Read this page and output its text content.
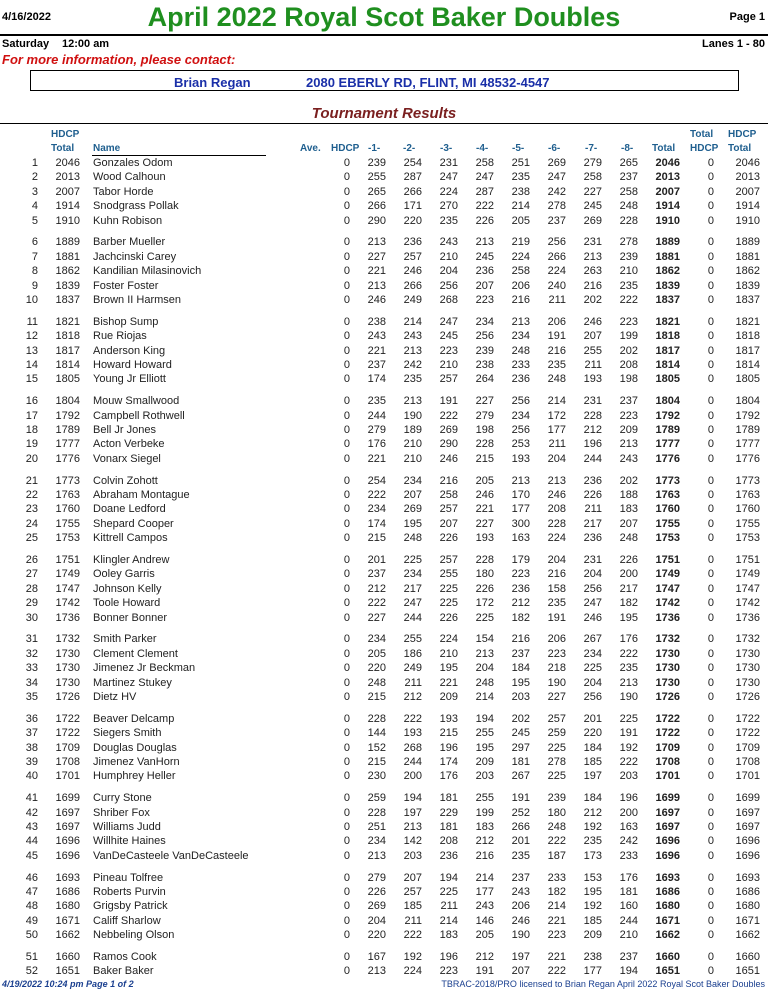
4/16/2022	April 2022 Royal Scot Baker Doubles	Page 1
Saturday 12:00 am	Lanes 1 - 80
For more information, please contact:
Brian Regan	2080 EBERLY RD, FLINT, MI 48532-4547
Tournament Results
HDCP
Total Name	Ave. HDCP -1- -2- -3- -4- -5- -6- -7- -8- Total
Total
HDCP
HDCP
Total
1	2046 Gonzales Odom	0	239	254	231	258	251	269	279	265 2046	0	2046
2	2013 Wood Calhoun	0	255	287	247	247	235	247	258	237 2013	0	2013
3	2007 Tabor Horde	0	265	266	224	287	238	242	227	258 2007	0	2007
4	1914 Snodgrass Pollak	0	266	171	270	222	214	278	245	248 1914	0	1914
5	1910 Kuhn Robison	0	290	220	235	226	205	237	269	228 1910	0	1910
6	1889 Barber Mueller	0	213	236	243	213	219	256	231	278 1889	0	1889
7	1881 Jachcinski Carey	0	227	257	210	245	224	266	213	239 1881	0	1881
8	1862 Kandilian Milasinovich	0	221	246	204	236	258	224	263	210 1862	0	1862
9	1839 Foster Foster	0	213	266	256	207	206	240	216	235 1839	0	1839
10	1837 Brown II Harmsen	0	246	249	268	223	216	211	202	222 1837	0	1837
11	1821 Bishop Sump	0	238	214	247	234	213	206	246	223 1821	0	1821
12	1818 Rue Riojas	0	243	243	245	256	234	191	207	199 1818	0	1818
13	1817 Anderson King	0	221	213	223	239	248	216	255	202 1817	0	1817
14	1814 Howard Howard	0	237	242	210	238	233	235	211	208 1814	0	1814
15	1805 Young Jr Elliott	0	174	235	257	264	236	248	193	198 1805	0	1805
16	1804 Mouw Smallwood	0	235	213	191	227	256	214	231	237 1804	0	1804
17	1792 Campbell Rothwell	0	244	190	222	279	234	172	228	223 1792	0	1792
18	1789 Bell Jr Jones	0	279	189	269	198	256	177	212	209 1789	0	1789
19	1777 Acton Verbeke	0	176	210	290	228	253	211	196	213 1777	0	1777
20	1776 Vonarx Siegel	0	221	210	246	215	193	204	244	243 1776	0	1776
21	1773 Colvin Zohott	0	254	234	216	205	213	213	236	202 1773	0	1773
22	1763 Abraham Montague	0	222	207	258	246	170	246	226	188 1763	0	1763
23	1760 Doane Ledford	0	234	269	257	221	177	208	211	183 1760	0	1760
24	1755 Shepard Cooper	0	174	195	207	227	300	228	217	207 1755	0	1755
25	1753 Kittrell Campos	0	215	248	226	193	163	224	236	248 1753	0	1753
26	1751 Klingler Andrew	0	201	225	257	228	179	204	231	226 1751	0	1751
27	1749 Ooley Garris	0	237	234	255	180	223	216	204	200 1749	0	1749
28	1747 Johnson Kelly	0	212	217	225	226	236	158	256	217 1747	0	1747
29	1742 Toole Howard	0	222	247	225	172	212	235	247	182 1742	0	1742
30	1736 Bonner Bonner	0	227	244	226	225	182	191	246	195 1736	0	1736
31	1732 Smith Parker	0	234	255	224	154	216	206	267	176 1732	0	1732
32	1730 Clement Clement	0	205	186	210	213	237	223	234	222 1730	0	1730
33	1730 Jimenez Jr Beckman	0	220	249	195	204	184	218	225	235 1730	0	1730
34	1730 Martinez Stukey	0	248	211	221	248	195	190	204	213 1730	0	1730
35	1726 Dietz HV	0	215	212	209	214	203	227	256	190 1726	0	1726
36	1722 Beaver Delcamp	0	228	222	193	194	202	257	201	225 1722	0	1722
37	1722 Siegers Smith	0	144	193	215	255	245	259	220	191 1722	0	1722
38	1709 Douglas Douglas	0	152	268	196	195	297	225	184	192 1709	0	1709
39	1708 Jimenez VanHorn	0	215	244	174	209	181	278	185	222 1708	0	1708
40	1701 Humphrey Heller	0	230	200	176	203	267	225	197	203 1701	0	1701
41	1699 Curry Stone	0	259	194	181	255	191	239	184	196 1699	0	1699
42	1697 Shriber Fox	0	228	197	229	199	252	180	212	200 1697	0	1697
43	1697 Williams Judd	0	251	213	181	183	266	248	192	163 1697	0	1697
44	1696 Willhite Haines	0	234	142	208	212	201	222	235	242 1696	0	1696
45	1696 VanDeCasteele VanDeCasteele	0	213	203	236	216	235	187	173	233 1696	0	1696
46	1693 Pineau Tolfree	0	279	207	194	214	237	233	153	176 1693	0	1693
47	1686 Roberts Purvin	0	226	257	225	177	243	182	195	181 1686	0	1686
48	1680 Grigsby Patrick	0	269	185	211	243	206	214	192	160 1680	0	1680
49	1671 Califf Sharlow	0	204	211	214	146	246	221	185	244 1671	0	1671
50	1662 Nebbeling Olson	0	220	222	183	205	190	223	209	210 1662	0	1662
51	1660 Ramos Cook	0	167	192	196	212	197	221	238	237 1660	0	1660
52	1651 Baker Baker	0	213	224	223	191	207	222	177	194 1651	0	1651
4/19/2022 10:24 pm Page 1 of 2	TBRAC-2018/PRO licensed to Brian Regan April 2022 Royal Scot Baker Doubles
